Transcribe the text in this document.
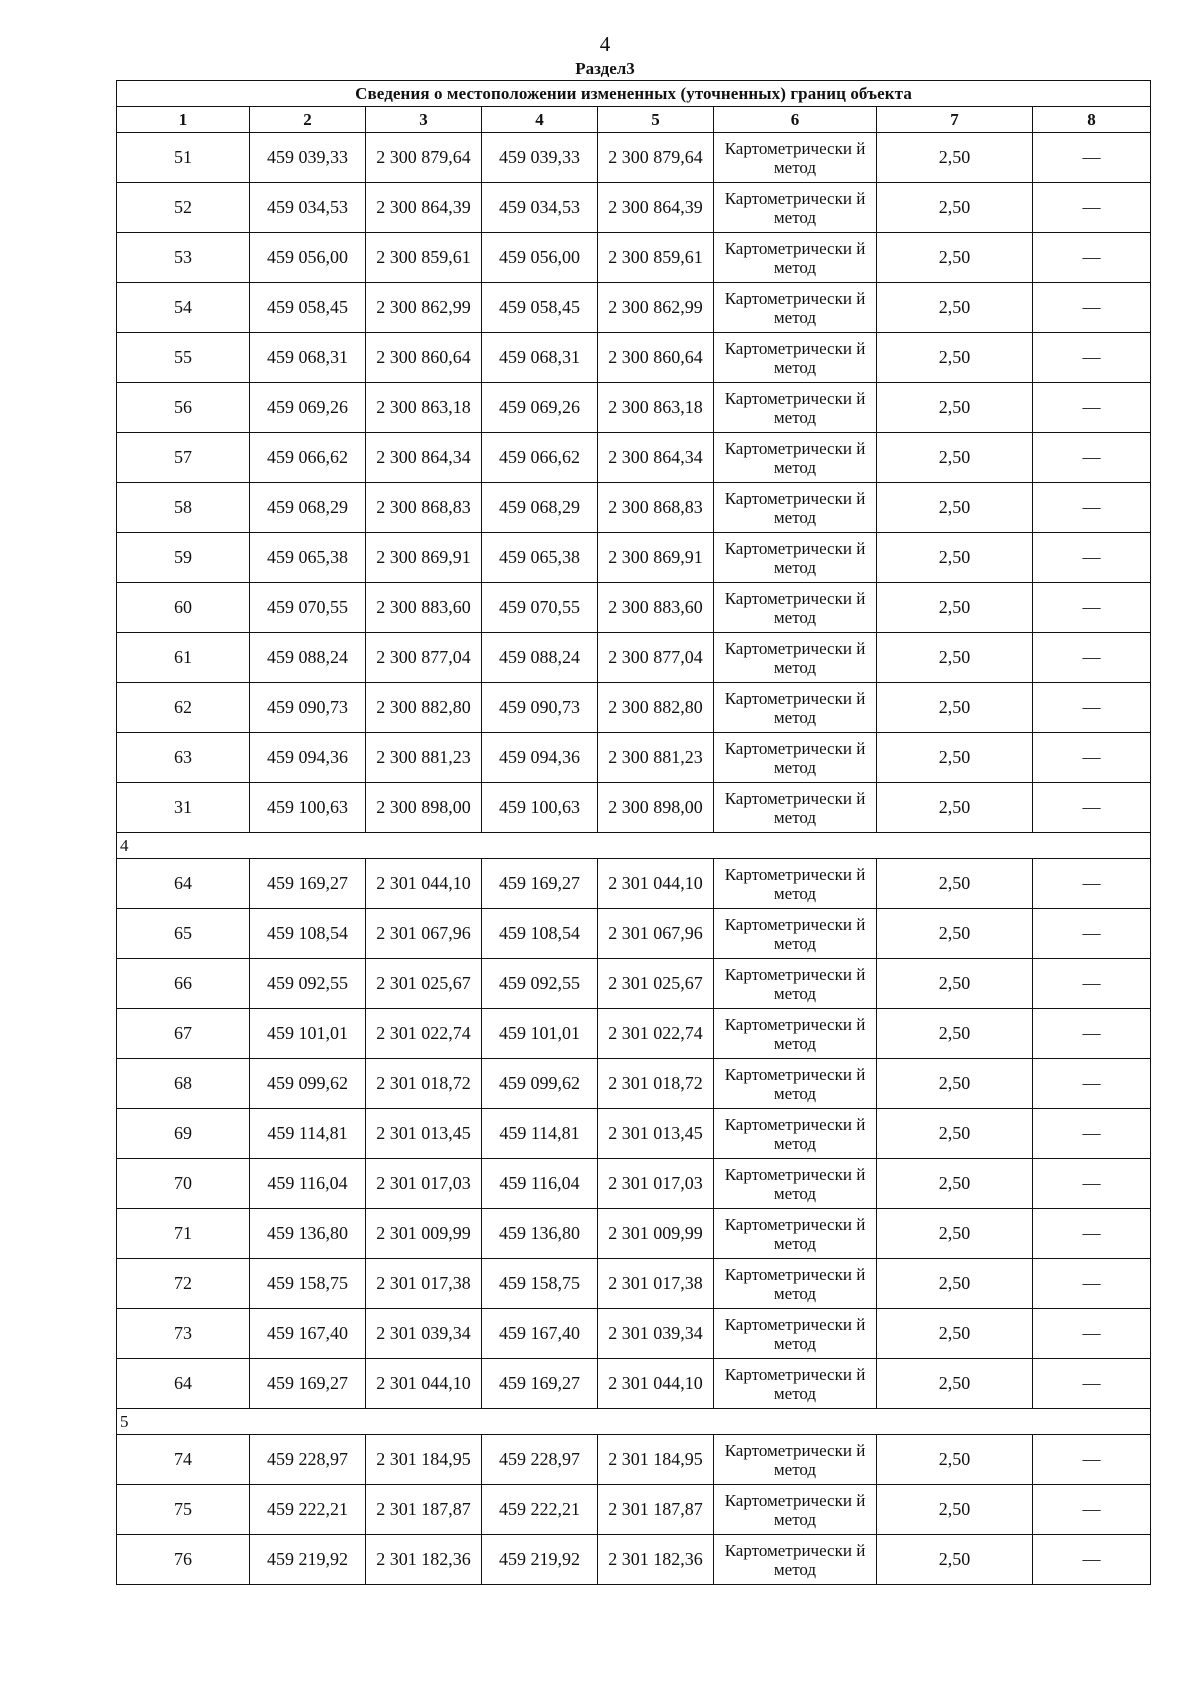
4
Раздел3
Сведения о местоположении измененных (уточненных) границ объекта							
1	2	3	4	5	6	7	8
51	459 039,33	2 300 879,64	459 039,33	2 300 879,64	Картометрически й метод	2,50	—
52	459 034,53	2 300 864,39	459 034,53	2 300 864,39	Картометрически й метод	2,50	—
53	459 056,00	2 300 859,61	459 056,00	2 300 859,61	Картометрически й метод	2,50	—
54	459 058,45	2 300 862,99	459 058,45	2 300 862,99	Картометрически й метод	2,50	—
55	459 068,31	2 300 860,64	459 068,31	2 300 860,64	Картометрически й метод	2,50	—
56	459 069,26	2 300 863,18	459 069,26	2 300 863,18	Картометрически й метод	2,50	—
57	459 066,62	2 300 864,34	459 066,62	2 300 864,34	Картометрически й метод	2,50	—
58	459 068,29	2 300 868,83	459 068,29	2 300 868,83	Картометрически й метод	2,50	—
59	459 065,38	2 300 869,91	459 065,38	2 300 869,91	Картометрически й метод	2,50	—
60	459 070,55	2 300 883,60	459 070,55	2 300 883,60	Картометрически й метод	2,50	—
61	459 088,24	2 300 877,04	459 088,24	2 300 877,04	Картометрически й метод	2,50	—
62	459 090,73	2 300 882,80	459 090,73	2 300 882,80	Картометрически й метод	2,50	—
63	459 094,36	2 300 881,23	459 094,36	2 300 881,23	Картометрически й метод	2,50	—
31	459 100,63	2 300 898,00	459 100,63	2 300 898,00	Картометрически й метод	2,50	—
4							
64	459 169,27	2 301 044,10	459 169,27	2 301 044,10	Картометрически й метод	2,50	—
65	459 108,54	2 301 067,96	459 108,54	2 301 067,96	Картометрически й метод	2,50	—
66	459 092,55	2 301 025,67	459 092,55	2 301 025,67	Картометрически й метод	2,50	—
67	459 101,01	2 301 022,74	459 101,01	2 301 022,74	Картометрически й метод	2,50	—
68	459 099,62	2 301 018,72	459 099,62	2 301 018,72	Картометрически й метод	2,50	—
69	459 114,81	2 301 013,45	459 114,81	2 301 013,45	Картометрически й метод	2,50	—
70	459 116,04	2 301 017,03	459 116,04	2 301 017,03	Картометрически й метод	2,50	—
71	459 136,80	2 301 009,99	459 136,80	2 301 009,99	Картометрически й метод	2,50	—
72	459 158,75	2 301 017,38	459 158,75	2 301 017,38	Картометрически й метод	2,50	—
73	459 167,40	2 301 039,34	459 167,40	2 301 039,34	Картометрически й метод	2,50	—
64	459 169,27	2 301 044,10	459 169,27	2 301 044,10	Картометрически й метод	2,50	—
5							
74	459 228,97	2 301 184,95	459 228,97	2 301 184,95	Картометрически й метод	2,50	—
75	459 222,21	2 301 187,87	459 222,21	2 301 187,87	Картометрически й метод	2,50	—
76	459 219,92	2 301 182,36	459 219,92	2 301 182,36	Картометрически й метод	2,50	—
